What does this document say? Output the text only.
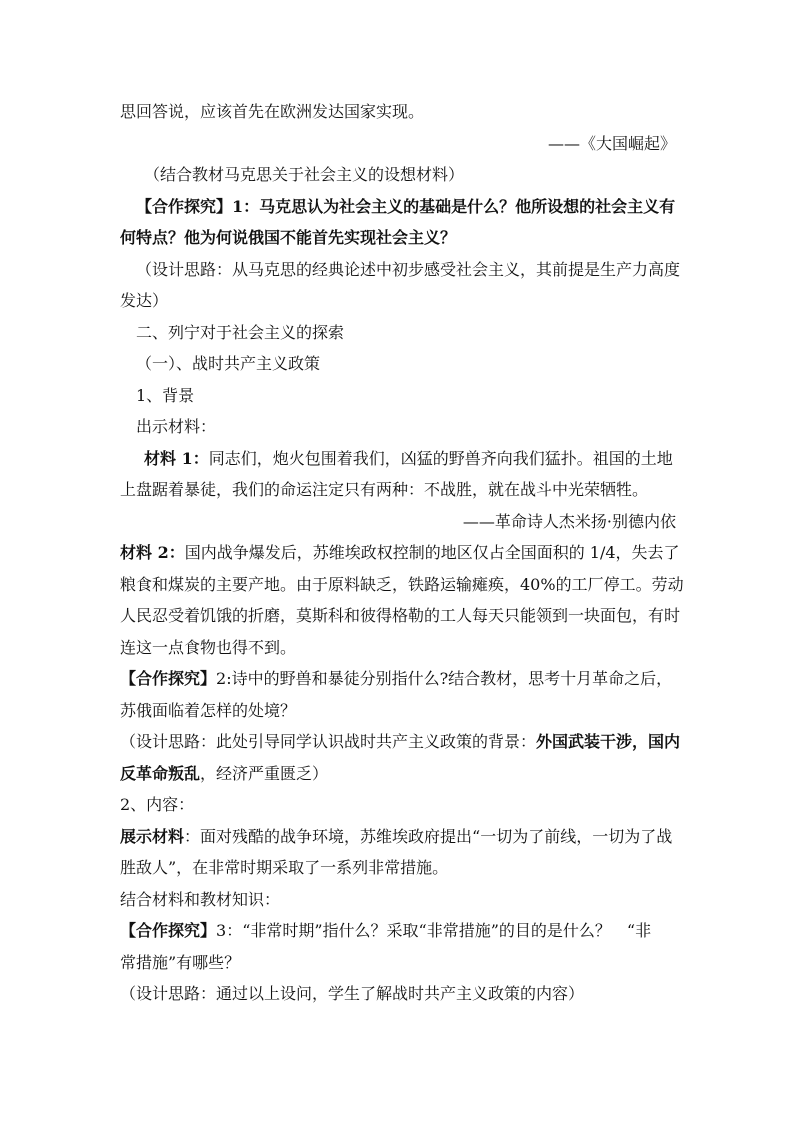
思回答说，应该首先在欧洲发达国家实现。

——《大国崛起》

（结合教材马克思关于社会主义的设想材料）

【合作探究】1：马克思认为社会主义的基础是什么？他所设想的社会主义有

何特点？他为何说俄国不能首先实现社会主义？

（设计思路：从马克思的经典论述中初步感受社会主义，其前提是生产力高度

发达）

二、列宁对于社会主义的探索

（一）、战时共产主义政策

1、背景

出示材料：

材料 1：同志们，炮火包围着我们，凶猛的野兽齐向我们猛扑。祖国的土地

上盘踞着暴徒，我们的命运注定只有两种：不战胜，就在战斗中光荣牺牲。

——革命诗人杰米扬·别德内依

材料 2：国内战争爆发后，苏维埃政权控制的地区仅占全国面积的 1/4，失去了

粮食和煤炭的主要产地。由于原料缺乏，铁路运输瘫痪，40%的工厂停工。劳动

人民忍受着饥饿的折磨，莫斯科和彼得格勒的工人每天只能领到一块面包，有时

连这一点食物也得不到。

【合作探究】2:诗中的野兽和暴徒分别指什么?结合教材，思考十月革命之后，

苏俄面临着怎样的处境？

（设计思路：此处引导同学认识战时共产主义政策的背景：外国武装干涉，国内

反革命叛乱，经济严重匮乏）

2、内容：

展示材料：面对残酷的战争环境，苏维埃政府提出“一切为了前线，一切为了战

胜敌人”，在非常时期采取了一系列非常措施。

结合材料和教材知识：

【合作探究】3：“非常时期”指什么？采取“非常措施”的目的是什么？ “非

常措施”有哪些？

（设计思路：通过以上设问，学生了解战时共产主义政策的内容）
